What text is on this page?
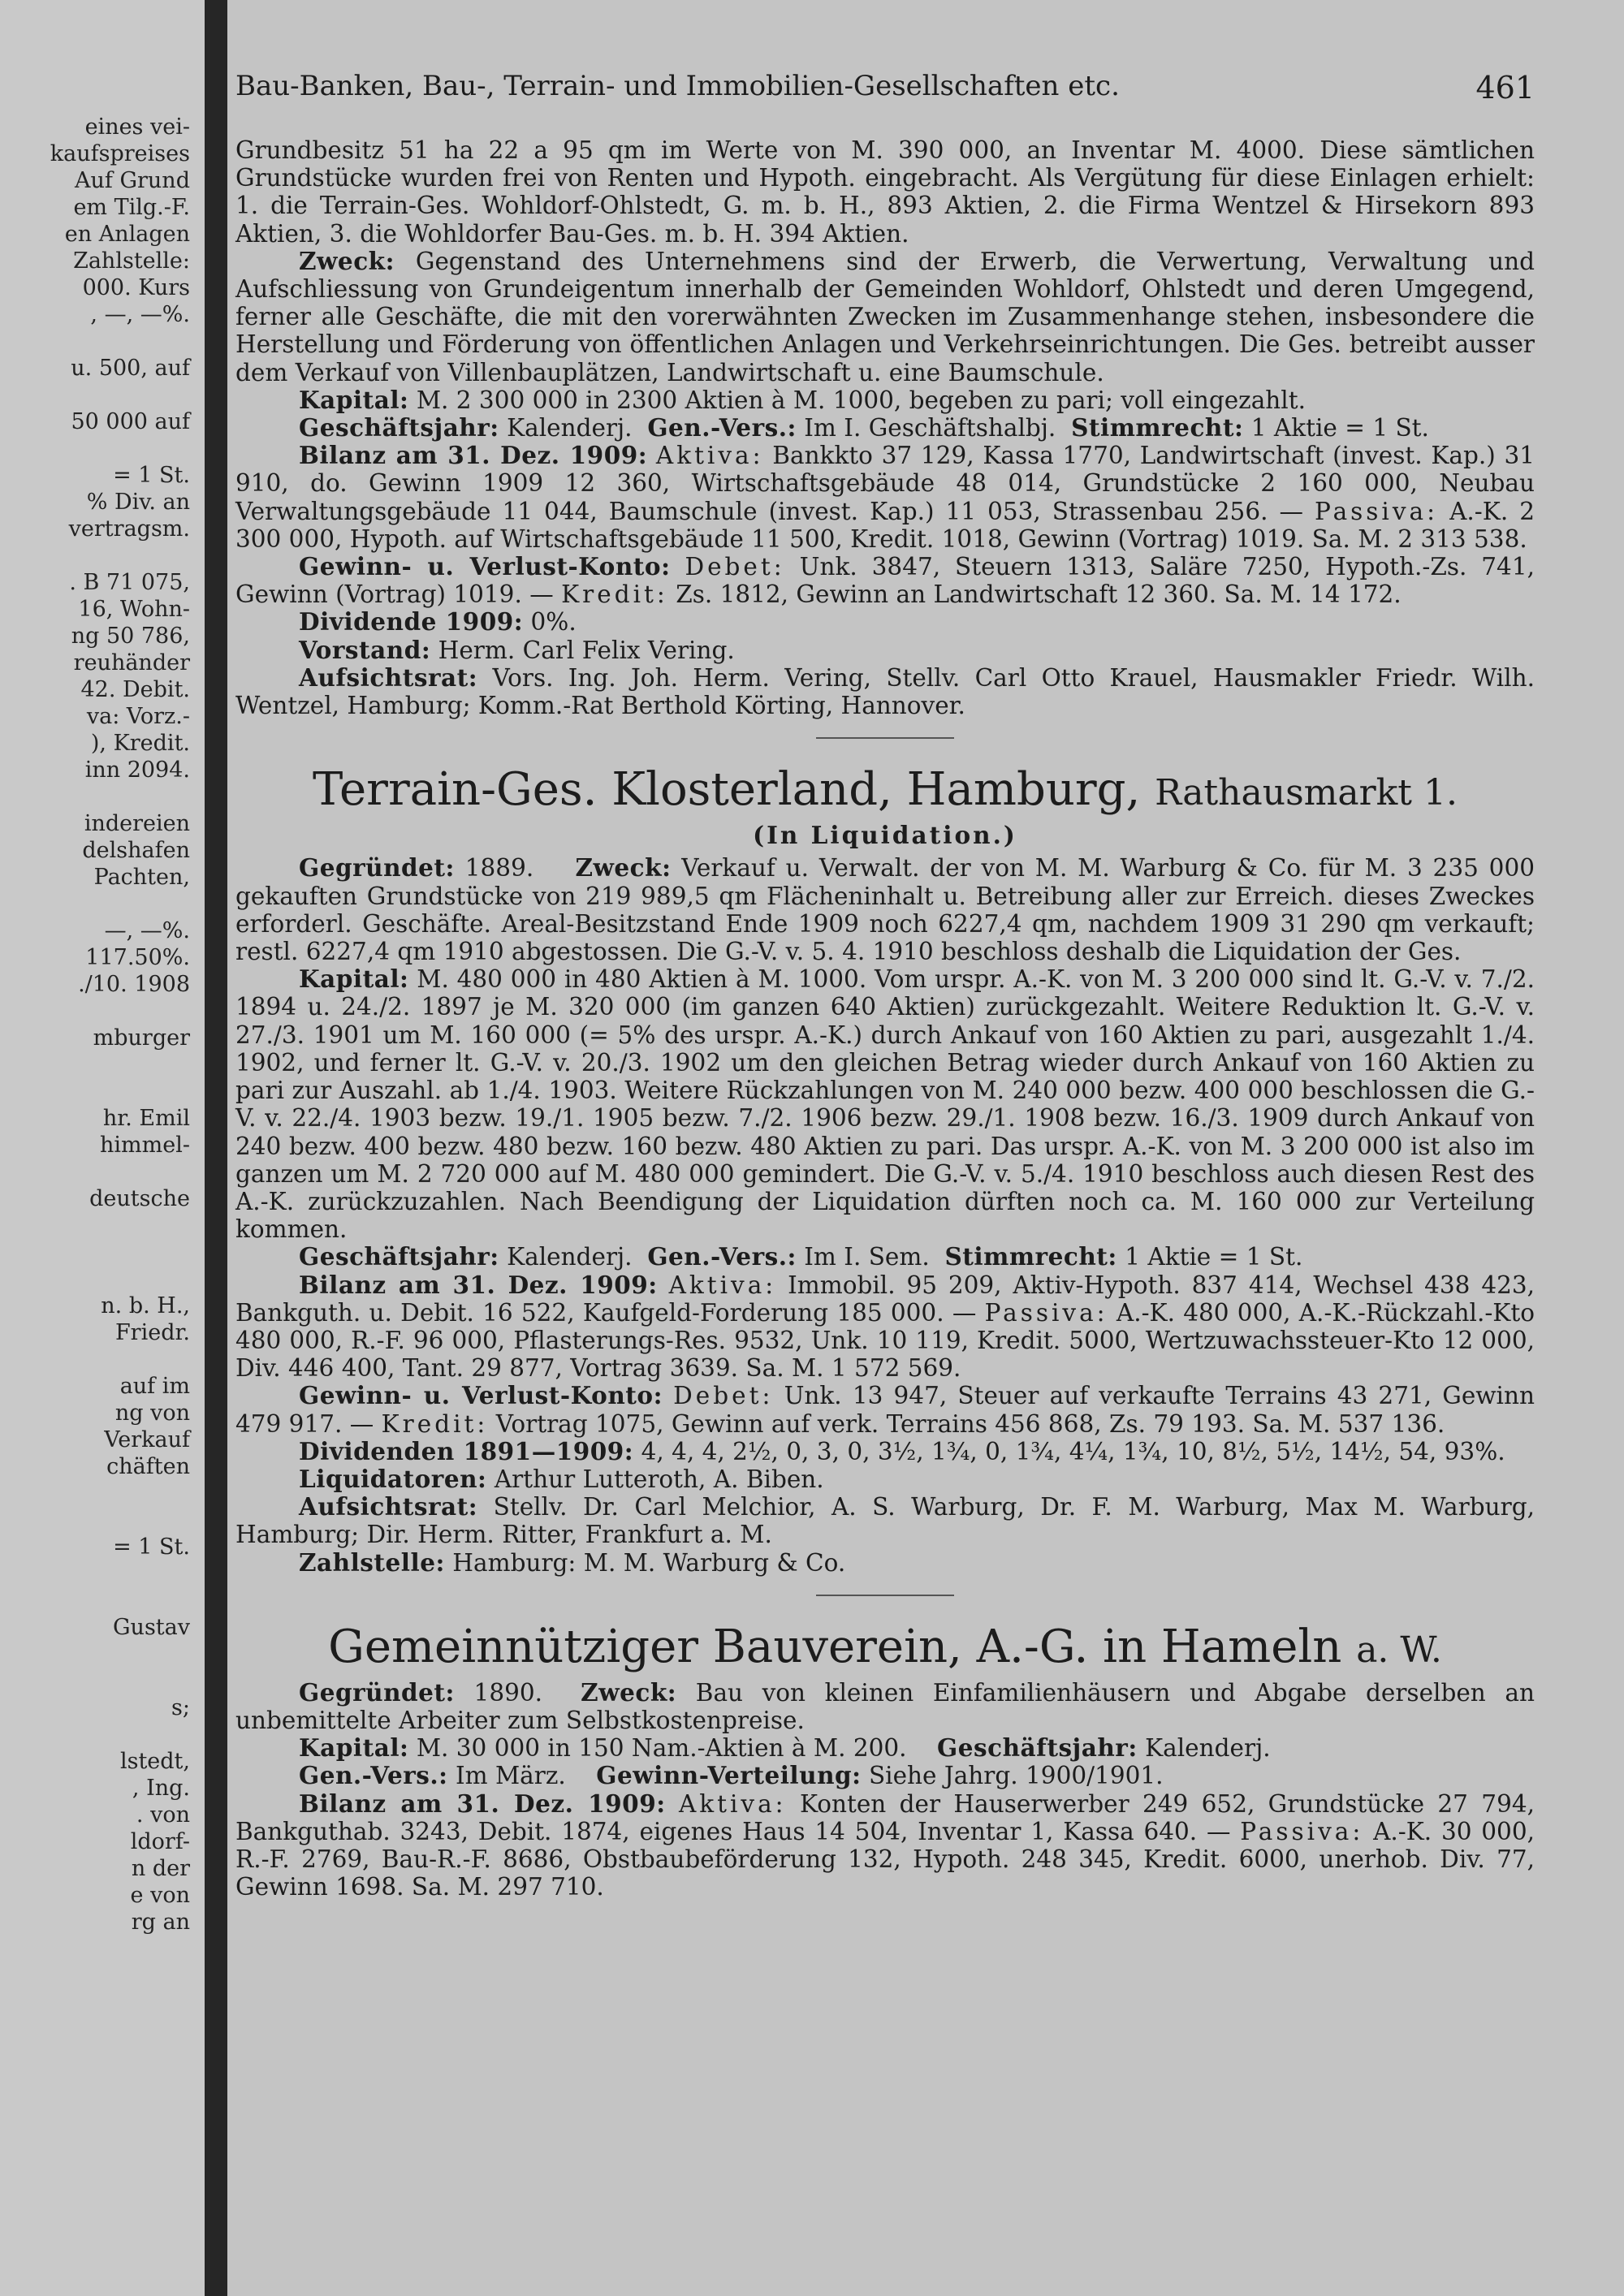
eines vei-
kaufspreises
Auf Grund
em Tilg.-F.
en Anlagen
Zahlstelle:
000. Kurs
, —, —%.
u. 500, auf
50 000 auf
= 1 St.
% Div. an
vertragsm.
. B 71 075,
16, Wohn-
ng 50 786,
reuhänder
42. Debit.
va: Vorz.-
), Kredit.
inn 2094.
indereien
delshafen
Pachten,
—, —%.
117.50%.
./10. 1908
mburger
hr. Emil
himmel-
deutsche
n. b. H.,
Friedr.
auf im
ng von
Verkauf
chäften
= 1 St.
Gustav
s;
lstedt,
, Ing.
. von
ldorf-
n der
e von
rg an
Bau-Banken, Bau-, Terrain- und Immobilien-Gesellschaften etc.	461

Grundbesitz 51 ha 22 a 95 qm im Werte von M. 390 000, an Inventar M. 4000. Diese sämtlichen Grundstücke wurden frei von Renten und Hypoth. eingebracht. Als Vergütung für diese Einlagen erhielt: 1. die Terrain-Ges. Wohldorf-Ohlstedt, G. m. b. H., 893 Aktien, 2. die Firma Wentzel & Hirsekorn 893 Aktien, 3. die Wohldorfer Bau-Ges. m. b. H. 394 Aktien.

Zweck: Gegenstand des Unternehmens sind der Erwerb, die Verwertung, Verwaltung und Aufschliessung von Grundeigentum innerhalb der Gemeinden Wohldorf, Ohlstedt und deren Umgegend, ferner alle Geschäfte, die mit den vorerwähnten Zwecken im Zusammenhange stehen, insbesondere die Herstellung und Förderung von öffentlichen Anlagen und Verkehrseinrichtungen. Die Ges. betreibt ausser dem Verkauf von Villenbauplätzen, Landwirtschaft u. eine Baumschule.

Kapital: M. 2 300 000 in 2300 Aktien à M. 1000, begeben zu pari; voll eingezahlt.

Geschäftsjahr: Kalenderj. Gen.-Vers.: Im I. Geschäftshalbj. Stimmrecht: 1 Aktie = 1 St.

Bilanz am 31. Dez. 1909: Aktiva: Bankkto 37 129, Kassa 1770, Landwirtschaft (invest. Kap.) 31 910, do. Gewinn 1909 12 360, Wirtschaftsgebäude 48 014, Grundstücke 2 160 000, Neubau Verwaltungsgebäude 11 044, Baumschule (invest. Kap.) 11 053, Strassenbau 256. — Passiva: A.-K. 2 300 000, Hypoth. auf Wirtschaftsgebäude 11 500, Kredit. 1018, Gewinn (Vortrag) 1019. Sa. M. 2 313 538.

Gewinn- u. Verlust-Konto: Debet: Unk. 3847, Steuern 1313, Saläre 7250, Hypoth.-Zs. 741, Gewinn (Vortrag) 1019. — Kredit: Zs. 1812, Gewinn an Landwirtschaft 12 360. Sa. M. 14 172.

Dividende 1909: 0%.

Vorstand: Herm. Carl Felix Vering.

Aufsichtsrat: Vors. Ing. Joh. Herm. Vering, Stellv. Carl Otto Krauel, Hausmakler Friedr. Wilh. Wentzel, Hamburg; Komm.-Rat Berthold Körting, Hannover.

Terrain-Ges. Klosterland, Hamburg, Rathausmarkt 1.

(In Liquidation.)

Gegründet: 1889. Zweck: Verkauf u. Verwalt. der von M. M. Warburg & Co. für M. 3 235 000 gekauften Grundstücke von 219 989,5 qm Flächeninhalt u. Betreibung aller zur Erreich. dieses Zweckes erforderl. Geschäfte. Areal-Besitzstand Ende 1909 noch 6227,4 qm, nachdem 1909 31 290 qm verkauft; restl. 6227,4 qm 1910 abgestossen. Die G.-V. v. 5. 4. 1910 beschloss deshalb die Liquidation der Ges.

Kapital: M. 480 000 in 480 Aktien à M. 1000. Vom urspr. A.-K. von M. 3 200 000 sind lt. G.-V. v. 7./2. 1894 u. 24./2. 1897 je M. 320 000 (im ganzen 640 Aktien) zurückgezahlt. Weitere Reduktion lt. G.-V. v. 27./3. 1901 um M. 160 000 (= 5% des urspr. A.-K.) durch Ankauf von 160 Aktien zu pari, ausgezahlt 1./4. 1902, und ferner lt. G.-V. v. 20./3. 1902 um den gleichen Betrag wieder durch Ankauf von 160 Aktien zu pari zur Auszahl. ab 1./4. 1903. Weitere Rückzahlungen von M. 240 000 bezw. 400 000 beschlossen die G.-V. v. 22./4. 1903 bezw. 19./1. 1905 bezw. 7./2. 1906 bezw. 29./1. 1908 bezw. 16./3. 1909 durch Ankauf von 240 bezw. 400 bezw. 480 bezw. 160 bezw. 480 Aktien zu pari. Das urspr. A.-K. von M. 3 200 000 ist also im ganzen um M. 2 720 000 auf M. 480 000 gemindert. Die G.-V. v. 5./4. 1910 beschloss auch diesen Rest des A.-K. zurückzuzahlen. Nach Beendigung der Liquidation dürften noch ca. M. 160 000 zur Verteilung kommen.

Geschäftsjahr: Kalenderj. Gen.-Vers.: Im I. Sem. Stimmrecht: 1 Aktie = 1 St.

Bilanz am 31. Dez. 1909: Aktiva: Immobil. 95 209, Aktiv-Hypoth. 837 414, Wechsel 438 423, Bankguth. u. Debit. 16 522, Kaufgeld-Forderung 185 000. — Passiva: A.-K. 480 000, A.-K.-Rückzahl.-Kto 480 000, R.-F. 96 000, Pflasterungs-Res. 9532, Unk. 10 119, Kredit. 5000, Wertzuwachssteuer-Kto 12 000, Div. 446 400, Tant. 29 877, Vortrag 3639. Sa. M. 1 572 569.

Gewinn- u. Verlust-Konto: Debet: Unk. 13 947, Steuer auf verkaufte Terrains 43 271, Gewinn 479 917. — Kredit: Vortrag 1075, Gewinn auf verk. Terrains 456 868, Zs. 79 193. Sa. M. 537 136.

Dividenden 1891—1909: 4, 4, 4, 2½, 0, 3, 0, 3½, 1¾, 0, 1¾, 4¼, 1¾, 10, 8½, 5½, 14½, 54, 93%.

Liquidatoren: Arthur Lutteroth, A. Biben.

Aufsichtsrat: Stellv. Dr. Carl Melchior, A. S. Warburg, Dr. F. M. Warburg, Max M. Warburg, Hamburg; Dir. Herm. Ritter, Frankfurt a. M.

Zahlstelle: Hamburg: M. M. Warburg & Co.

Gemeinnütziger Bauverein, A.-G. in Hameln a. W.

Gegründet: 1890. Zweck: Bau von kleinen Einfamilienhäusern und Abgabe derselben an unbemittelte Arbeiter zum Selbstkostenpreise.

Kapital: M. 30 000 in 150 Nam.-Aktien à M. 200. Geschäftsjahr: Kalenderj.

Gen.-Vers.: Im März. Gewinn-Verteilung: Siehe Jahrg. 1900/1901.

Bilanz am 31. Dez. 1909: Aktiva: Konten der Hauserwerber 249 652, Grundstücke 27 794, Bankguthab. 3243, Debit. 1874, eigenes Haus 14 504, Inventar 1, Kassa 640. — Passiva: A.-K. 30 000, R.-F. 2769, Bau-R.-F. 8686, Obstbaubeförderung 132, Hypoth. 248 345, Kredit. 6000, unerhob. Div. 77, Gewinn 1698. Sa. M. 297 710.
